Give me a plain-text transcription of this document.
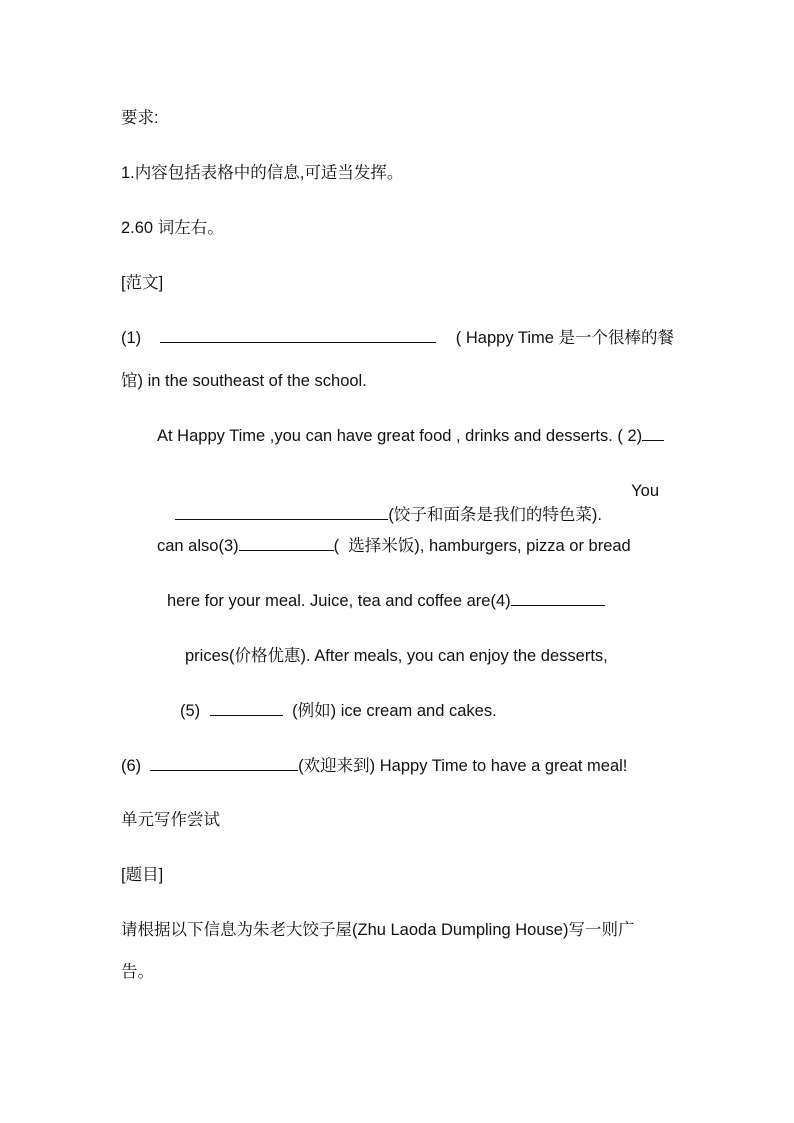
要求:
1.内容包括表格中的信息,可适当发挥。
2.60 词左右。
[范文]
(1)	( Happy Time 是一个很棒的餐
馆) in the southeast of the school.
At Happy Time ,you can have great food , drinks and desserts. ( 2)

(饺子和面条是我们的特色菜).

You

can also(3)	(  选择米饭), hamburgers, pizza or bread
here for your meal. Juice, tea and coffee are(4)
prices(价格优惠). After meals, you can enjoy the desserts,
(5)	(例如) ice cream and cakes.
(6)	(欢迎来到) Happy Time to have a great meal!
单元写作尝试
[题目]
请根据以下信息为朱老大饺子屋(Zhu Laoda Dumpling House)写一则广
告。
